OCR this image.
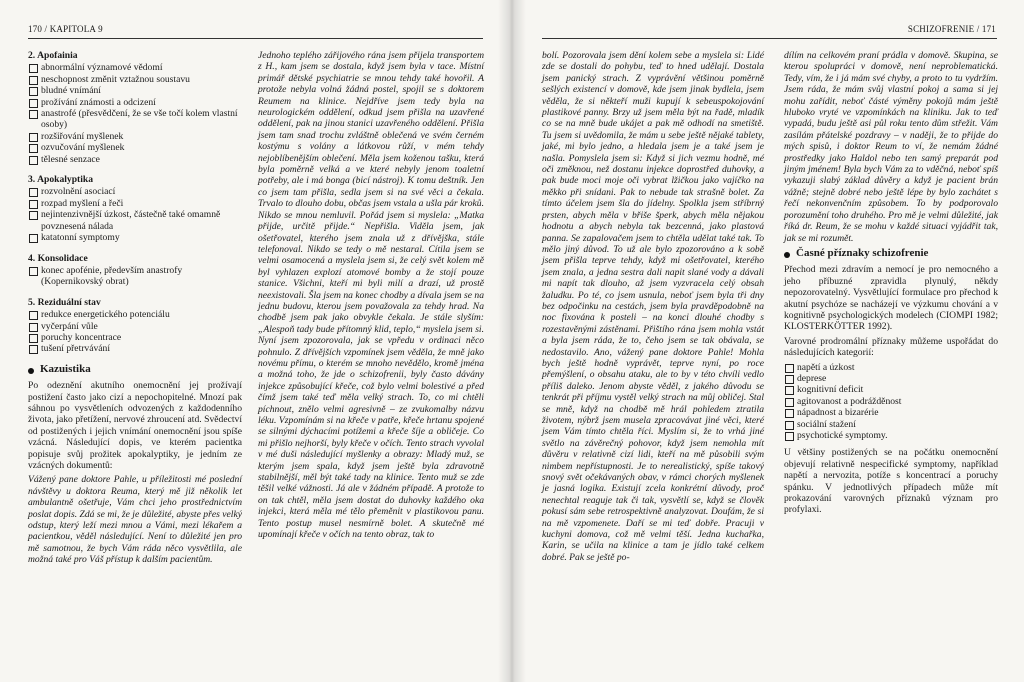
170 / KAPITOLA 9
2. Apofainia
abnormální významové vědomí
neschopnost změnit vztažnou soustavu
bludné vnímání
prožívání známosti a odcizení
anastrofé (přesvědčení, že se vše točí kolem vlastní osoby)
rozšiřování myšlenek
ozvučování myšlenek
tělesné senzace
3. Apokalyptika
rozvolnění asociací
rozpad myšlení a řeči
nejintenzivnější úzkost, částečně také omamně povznesená nálada
katatonní symptomy
4. Konsolidace
konec apofénie, především anastrofy (Kopernikovský obrat)
5. Reziduální stav
redukce energetického potenciálu
vyčerpání vůle
poruchy koncentrace
tušení přetrvávání
Kazuistika

Po odeznění akutního onemocnění jej prožívají postižení často jako cizí a nepochopitelné. Mnozí pak sáhnou po vysvětleních odvozených z každodenního života, jako přetížení, nervové zhroucení atd. Svědectví od postižených i jejich vnímání onemocnění jsou spíše vzácná. Následující dopis, ve kterém pacientka popisuje svůj prožitek apokalyptiky, je jedním ze vzácných dokumentů:

Vážený pane doktore Pahle, u příležitosti mé poslední návštěvy u doktora Reuma, který mě již několik let ambulantně ošetřuje, Vám chci jeho prostřednictvím poslat dopis. Zdá se mi, že je důležité, abyste přes velký odstup, který leží mezi mnou a Vámi, mezi lékařem a pacientkou, věděl následující. Není to důležité jen pro mě samotnou, že bych Vám ráda něco vysvětlila, ale možná také pro Váš přístup k dalším pacientům.

Jednoho teplého zářijového rána jsem přijela transportem z H., kam jsem se dostala, když jsem byla v tace. Místní primář dětské psychiatrie se mnou tehdy také hovořil. A protože nebyla volná žádná postel, spojil se s doktorem Reumem na klinice. Nejdříve jsem tedy byla na neurologickém oddělení, odkud jsem přišla na uzavřené oddělení, pak na jinou stanici uzavřeného oddělení. Přišla jsem tam snad trochu zvláštně oblečená ve svém černém kostýmu s volány a látkovou růží, v mém tehdy nejoblíbenějším oblečení. Měla jsem koženou tašku, která byla poměrně velká a ve které nebyly jenom toaletní potřeby, ale i má bonga (bicí nástroj). K tomu deštník. Jen co jsem tam přišla, sedla jsem si na své věci a čekala. Trvalo to dlouho dobu, občas jsem vstala a ušla pár kroků. Nikdo se mnou nemluvil. Pořád jsem si myslela: „Matka přijde, určitě přijde.“ Nepřišla. Viděla jsem, jak ošetřovatel, kterého jsem znala už z dřívějška, stále telefonoval. Nikdo se tedy o mě nestaral. Cítila jsem se velmi osamocená a myslela jsem si, že celý svět kolem mě byl vyhlazen explozí atomové bomby a že stojí pouze stanice. Všichni, kteří mi byli milí a drazí, už prostě neexistovali. Šla jsem na konec chodby a dívala jsem se na jednu budovu, kterou jsem považovala za tehdy hrad. Na chodbě jsem pak jako obvykle čekala. Je stále slyším: „Alespoň tady bude přítomný klid, teplo,“ myslela jsem si. Nyní jsem zpozorovala, jak se vpředu v ordinaci něco pohnulo. Z dřívějších vzpomínek jsem věděla, že mně jako novému přímu, o kterém se mnoho nevědělo, kromě jména a možná toho, že jde o schizofrenii, byly často dávány injekce způsobující křeče, což bylo velmi bolestivé a před čímž jsem také teď měla velký strach. To, co mi chtěli píchnout, znělo velmi agresivně – ze zvukomalby názvu léku. Vzpomínám si na křeče v patře, křeče hrtanu spojené se silnými dýchacími potížemi a křeče šíje a obličeje. Co mi přišlo nejhorší, byly křeče v očích. Tento strach vyvolal v mé duši následující myšlenky a obrazy: Mladý muž, se kterým jsem spala, když jsem ještě byla zdravotně stabilnější, měl být také tady na klinice. Tento muž se zde těšil velké vážnosti. Já ale v žádném případě. A protože to on tak chtěl, měla jsem dostat do duhovky každého oka injekci, která měla mé tělo přeměnit v plastikovou panu. Tento postup musel nesmírně bolet. A skutečně mé upomínají křeče v očích na tento obraz, tak to

SCHIZOFRENIE / 171

bolí. Pozorovala jsem dění kolem sebe a myslela si: Lidé zde se dostali do pohybu, teď to hned udělají. Dostala jsem panický strach. Z vyprávění většinou poměrně sešlých existencí v domově, kde jsem jinak bydlela, jsem věděla, že si někteří muži kupují k sebeuspokojování plastikové panny. Brzy už jsem měla být na řadě, mladík co se na mně bude ukájet a pak mě odhodí na smetiště. Tu jsem si uvědomila, že mám u sebe ještě nějaké tablety, jaké, mi bylo jedno, a hledala jsem je a také jsem je našla. Pomyslela jsem si: Když si jich vezmu hodně, mé oči změknou, než dostanu injekce doprostřed duhovky, a pak bude moci moje oči vybrat lžičkou jako vajíčko na měkko při snídani. Pak to nebude tak strašně bolet. Za tímto účelem jsem šla do jídelny. Spolkla jsem stříbrný prsten, abych měla v břiše šperk, abych měla nějakou hodnotu a abych nebyla tak bezcenná, jako plastová panna. Se zapalovačem jsem to chtěla udělat také tak. To mělo jiný důvod. To už ale bylo zpozorováno a k sobě jsem přišla teprve tehdy, když mi ošetřovatel, kterého jsem znala, a jedna sestra dali napit slané vody a dávali mi napít tak dlouho, až jsem vyzvracela celý obsah žaludku. Po té, co jsem usnula, neboť jsem byla tři dny bez odpočinku na cestách, jsem byla pravděpodobně na noc fixována k posteli – na konci dlouhé chodby s rozestavěnými zástěnami. Přištího rána jsem mohla vstát a byla jsem ráda, že to, čeho jsem se tak obávala, se nedostavilo. Ano, vážený pane doktore Pahle! Mohla bych ještě hodně vyprávět, teprve nyní, po roce přemýšlení, o obsahu ataku, ale to by v této chvíli vedlo příliš daleko. Jenom abyste věděl, z jakého důvodu se tenkrát při příjmu vystěl velký strach na můj obličej. Stal se mně, když na chodbě mě hrál pohledem ztratila životem, nýbrž jsem musela zpracovávat jiné věci, které jsem Vám tímto chtěla říci. Myslím si, že to vrhá jiné světlo na závěrečný pohovor, když jsem nemohla mít důvěru v relativně cizí lidi, kteří na mě působili svým nimbem nepřístupnosti. Je to nerealistický, spíše takový snový svět očekávaných obav, v rámci chorých myšlenek je jasná logika. Existují zcela konkrétní důvody, proč nenechtal reaguje tak či tak, vysvětlí se, když se člověk pokusí sám sebe retrospektivně analyzovat. Doufám, že si na mě vzpomenete. Daří se mi teď dobře. Pracuji v kuchyni domova, což mě velmi těší. Jedna kuchařka, Karin, se učila na klinice a tam je jídlo také celkem dobré. Pak se ještě po-

dílím na celkovém praní prádla v domově. Skupina, se kterou spolupráci v domově, není neproblematická. Tedy, vím, že i já mám své chyby, a proto to tu vydržím. Jsem ráda, že mám svůj vlastní pokoj a sama si jej mohu zařídit, neboť částé výměny pokojů mám ještě hluboko vryté ve vzpomínkách na kliniku. Jak to teď vypadá, budu ještě asi půl roku tento dům střežit. Vám zasílám přátelské pozdravy – v naději, že to přijde do mých spisů, i doktor Reum to ví, že nemám žádné prostředky jako Haldol nebo ten samý preparát pod jiným jménem! Byla bych Vám za to vděčná, neboť spíš vykazuji slabý základ důvěry a když je pacient brán vážně; stejně dobré nebo ještě lépe by bylo zachátet s řečí nekonvenčním způsobem. To by podporovalo porozumění toho druhého. Pro mě je velmi důležité, jak říká dr. Reum, že se mohu v každé situaci vyjádřit tak, jak se mi rozumět.

Časné příznaky schizofrenie

Přechod mezi zdravím a nemocí je pro nemocného a jeho příbuzné zpravidla plynulý, někdy nepozorovatelný. Vysvětlující formulace pro přechod k akutní psychóze se nacházejí ve výzkumu chování a v kognitivně psychologických modelech (CIOMPI 1982; KLOSTERKÖTTER 1992).

Varovné prodromální příznaky můžeme uspořádat do následujících kategorií:

napětí a úzkost
deprese
kognitivní deficit
agitovanost a podrážděnost
nápadnost a bizarérie
sociální stažení
psychotické symptomy.

U většiny postižených se na počátku onemocnění objevují relativně nespecifické symptomy, například napětí a nervozita, potíže s koncentrací a poruchy spánku. V jednotlivých případech může mít prokazování varovných příznaků význam pro profylaxi.
